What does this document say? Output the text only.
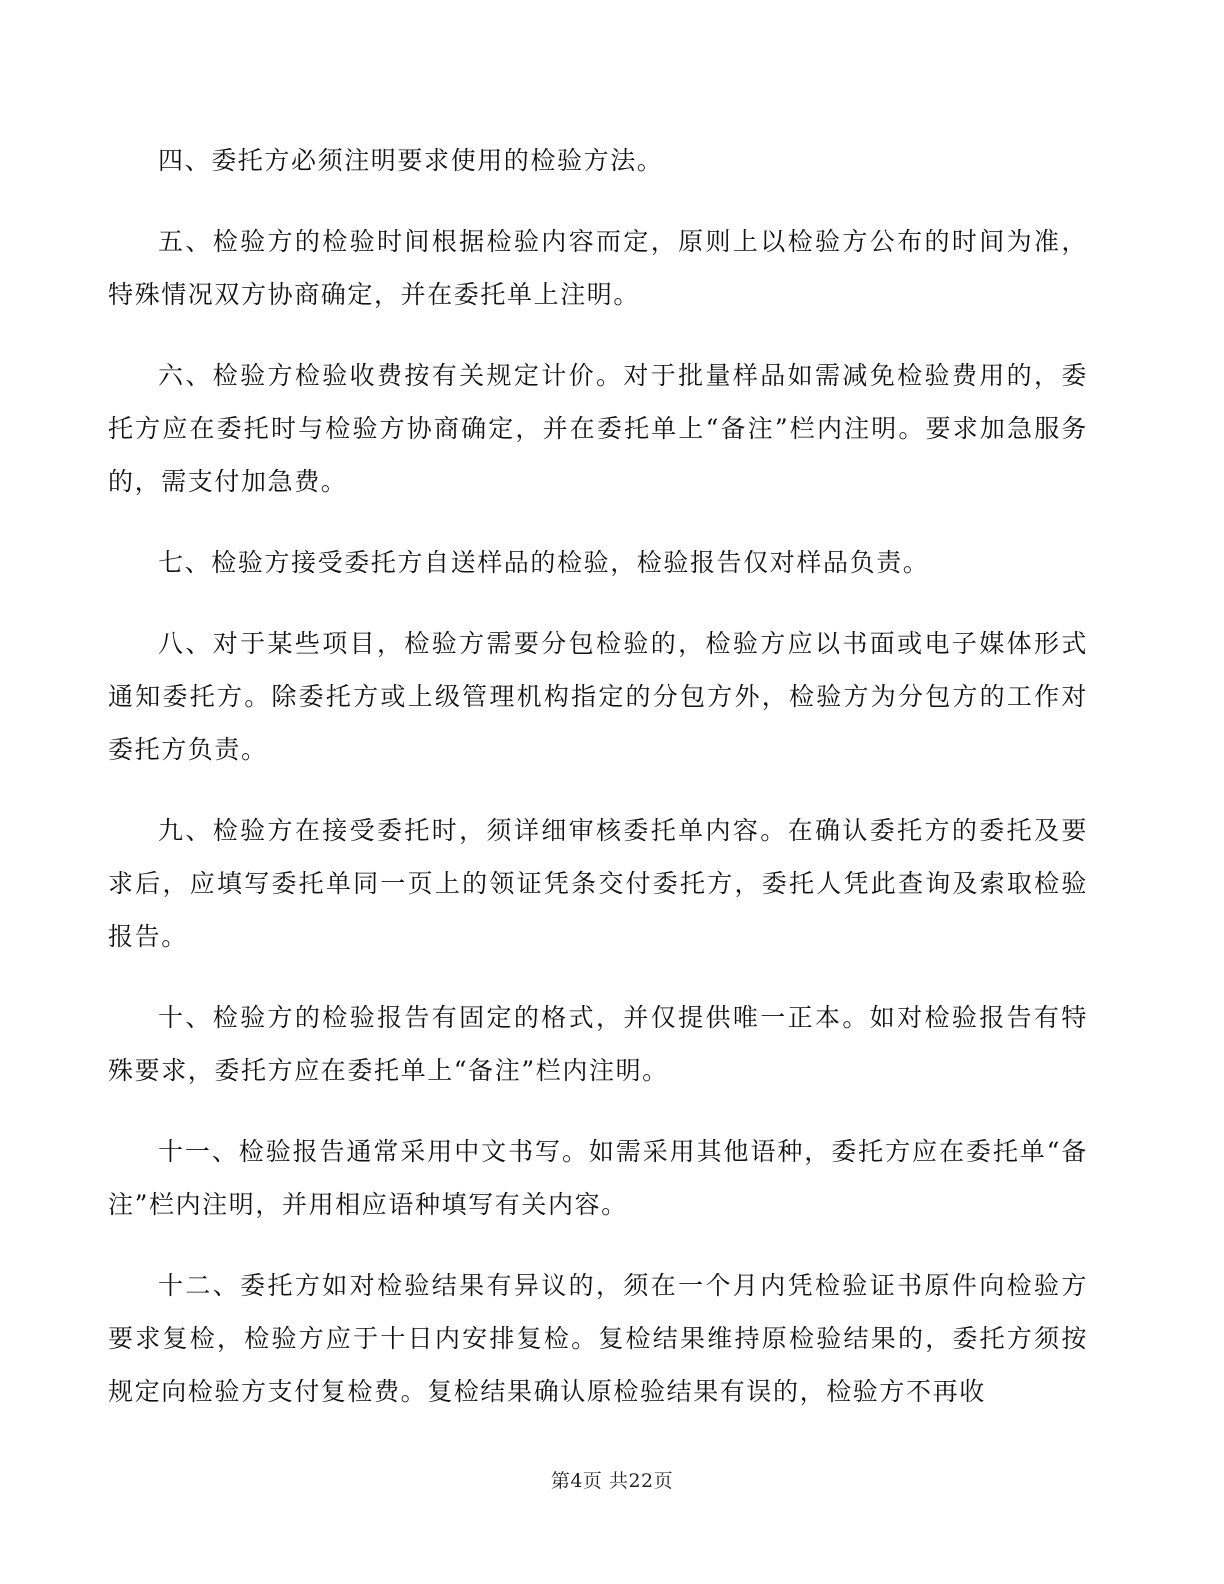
四、委托方必须注明要求使用的检验方法。

五、检验方的检验时间根据检验内容而定，原则上以检验方公布的时间为准，特殊情况双方协商确定，并在委托单上注明。

六、检验方检验收费按有关规定计价。对于批量样品如需减免检验费用的，委托方应在委托时与检验方协商确定，并在委托单上“备注”栏内注明。要求加急服务的，需支付加急费。

七、检验方接受委托方自送样品的检验，检验报告仅对样品负责。

八、对于某些项目，检验方需要分包检验的，检验方应以书面或电子媒体形式通知委托方。除委托方或上级管理机构指定的分包方外，检验方为分包方的工作对委托方负责。

九、检验方在接受委托时，须详细审核委托单内容。在确认委托方的委托及要求后，应填写委托单同一页上的领证凭条交付委托方，委托人凭此查询及索取检验报告。

十、检验方的检验报告有固定的格式，并仅提供唯一正本。如对检验报告有特殊要求，委托方应在委托单上“备注”栏内注明。

十一、检验报告通常采用中文书写。如需采用其他语种，委托方应在委托单“备注”栏内注明，并用相应语种填写有关内容。

十二、委托方如对检验结果有异议的，须在一个月内凭检验证书原件向检验方要求复检，检验方应于十日内安排复检。复检结果维持原检验结果的，委托方须按规定向检验方支付复检费。复检结果确认原检验结果有误的，检验方不再收

第4页 共22页
